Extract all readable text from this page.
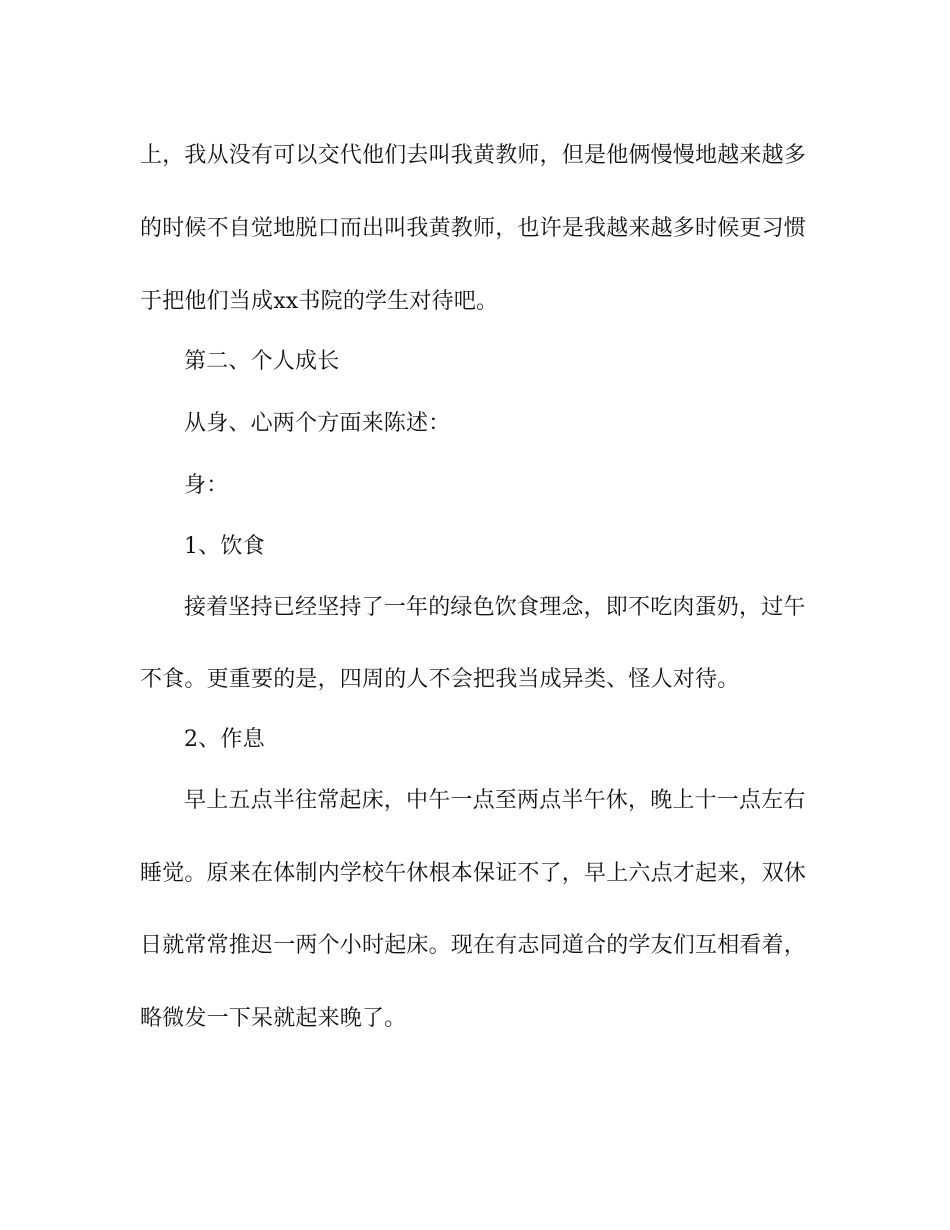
上，我从没有可以交代他们去叫我黄教师，但是他俩慢慢地越来越多
的时候不自觉地脱口而出叫我黄教师，也许是我越来越多时候更习惯
于把他们当成xx书院的学生对待吧。
第二、个人成长
从身、心两个方面来陈述：
身：
1、饮食
接着坚持已经坚持了一年的绿色饮食理念，即不吃肉蛋奶，过午
不食。更重要的是，四周的人不会把我当成异类、怪人对待。
2、作息
早上五点半往常起床，中午一点至两点半午休，晚上十一点左右
睡觉。原来在体制内学校午休根本保证不了，早上六点才起来，双休
日就常常推迟一两个小时起床。现在有志同道合的学友们互相看着，
略微发一下呆就起来晚了。
